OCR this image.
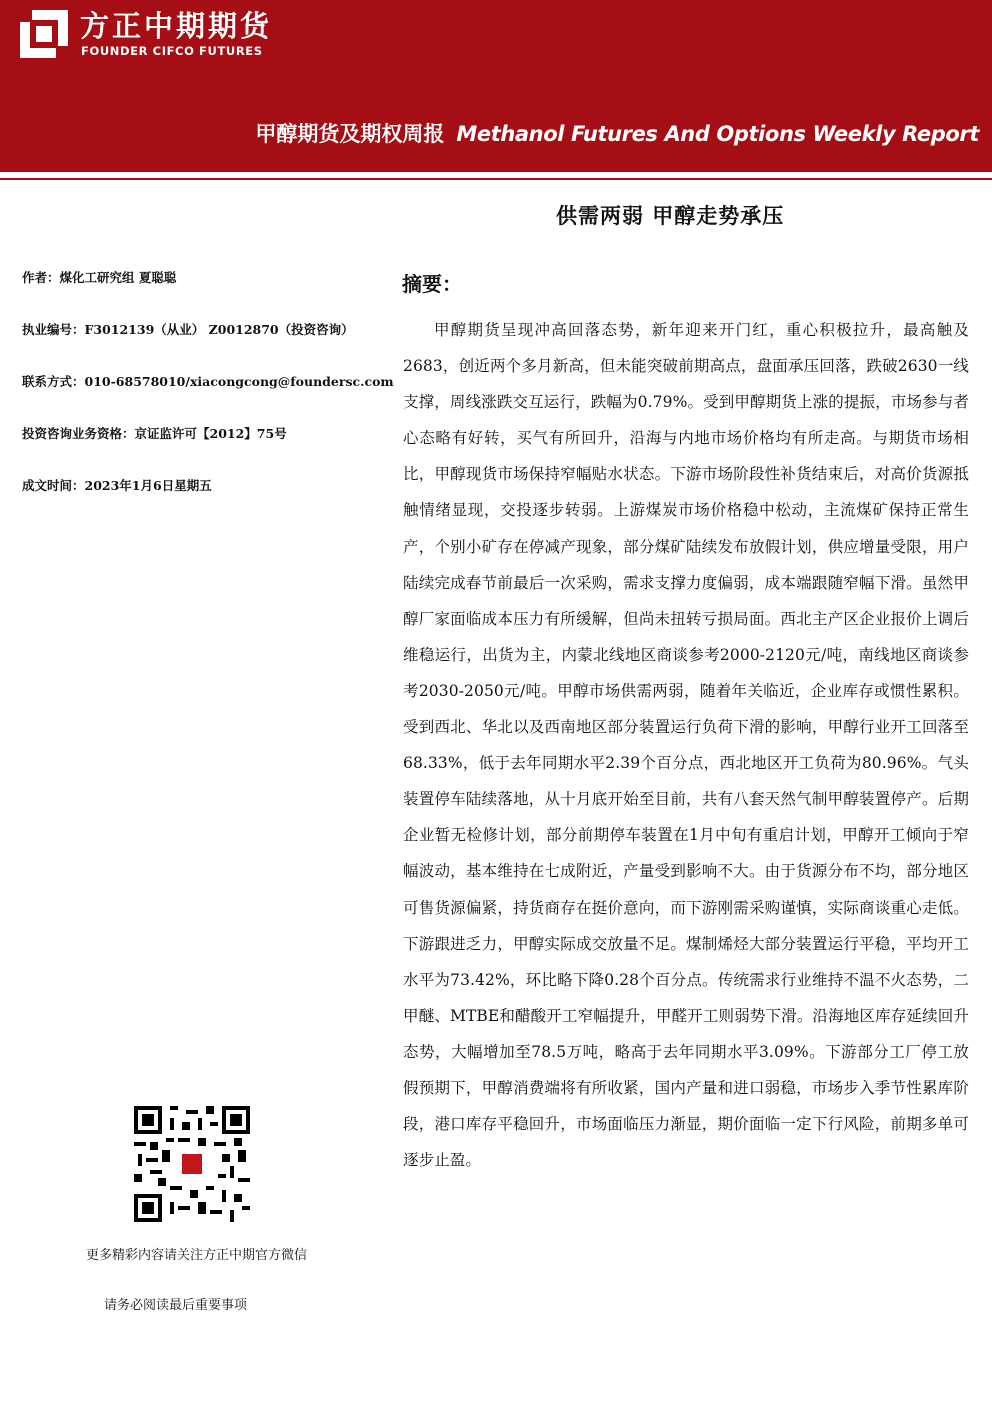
方正中期期货
FOUNDER CIFCO FUTURES
甲醇期货及期权周报 Methanol Futures And Options Weekly Report
供需两弱 甲醇走势承压
作者：煤化工研究组 夏聪聪
执业编号：F3012139（从业） Z0012870（投资咨询）
联系方式：010-68578010/xiacongcong@foundersc.com
投资咨询业务资格：京证监许可【2012】75号
成文时间：2023年1月6日星期五
更多精彩内容请关注方正中期官方微信
请务必阅读最后重要事项
摘要：

甲醇期货呈现冲高回落态势，新年迎来开门红，重心积极拉升，最高触及2683，创近两个多月新高，但未能突破前期高点，盘面承压回落，跌破2630一线支撑，周线涨跌交互运行，跌幅为0.79%。受到甲醇期货上涨的提振，市场参与者心态略有好转，买气有所回升，沿海与内地市场价格均有所走高。与期货市场相比，甲醇现货市场保持窄幅贴水状态。下游市场阶段性补货结束后，对高价货源抵触情绪显现，交投逐步转弱。上游煤炭市场价格稳中松动，主流煤矿保持正常生产，个别小矿存在停减产现象，部分煤矿陆续发布放假计划，供应增量受限，用户陆续完成春节前最后一次采购，需求支撑力度偏弱，成本端跟随窄幅下滑。虽然甲醇厂家面临成本压力有所缓解，但尚未扭转亏损局面。西北主产区企业报价上调后维稳运行，出货为主，内蒙北线地区商谈参考2000-2120元/吨，南线地区商谈参考2030-2050元/吨。甲醇市场供需两弱，随着年关临近，企业库存或惯性累积。受到西北、华北以及西南地区部分装置运行负荷下滑的影响，甲醇行业开工回落至68.33%，低于去年同期水平2.39个百分点，西北地区开工负荷为80.96%。气头装置停车陆续落地，从十月底开始至目前，共有八套天然气制甲醇装置停产。后期企业暂无检修计划，部分前期停车装置在1月中旬有重启计划，甲醇开工倾向于窄幅波动，基本维持在七成附近，产量受到影响不大。由于货源分布不均，部分地区可售货源偏紧，持货商存在挺价意向，而下游刚需采购谨慎，实际商谈重心走低。下游跟进乏力，甲醇实际成交放量不足。煤制烯烃大部分装置运行平稳，平均开工水平为73.42%，环比略下降0.28个百分点。传统需求行业维持不温不火态势，二甲醚、MTBE和醋酸开工窄幅提升，甲醛开工则弱势下滑。沿海地区库存延续回升态势，大幅增加至78.5万吨，略高于去年同期水平3.09%。下游部分工厂停工放假预期下，甲醇消费端将有所收紧，国内产量和进口弱稳，市场步入季节性累库阶段，港口库存平稳回升，市场面临压力渐显，期价面临一定下行风险，前期多单可逐步止盈。
